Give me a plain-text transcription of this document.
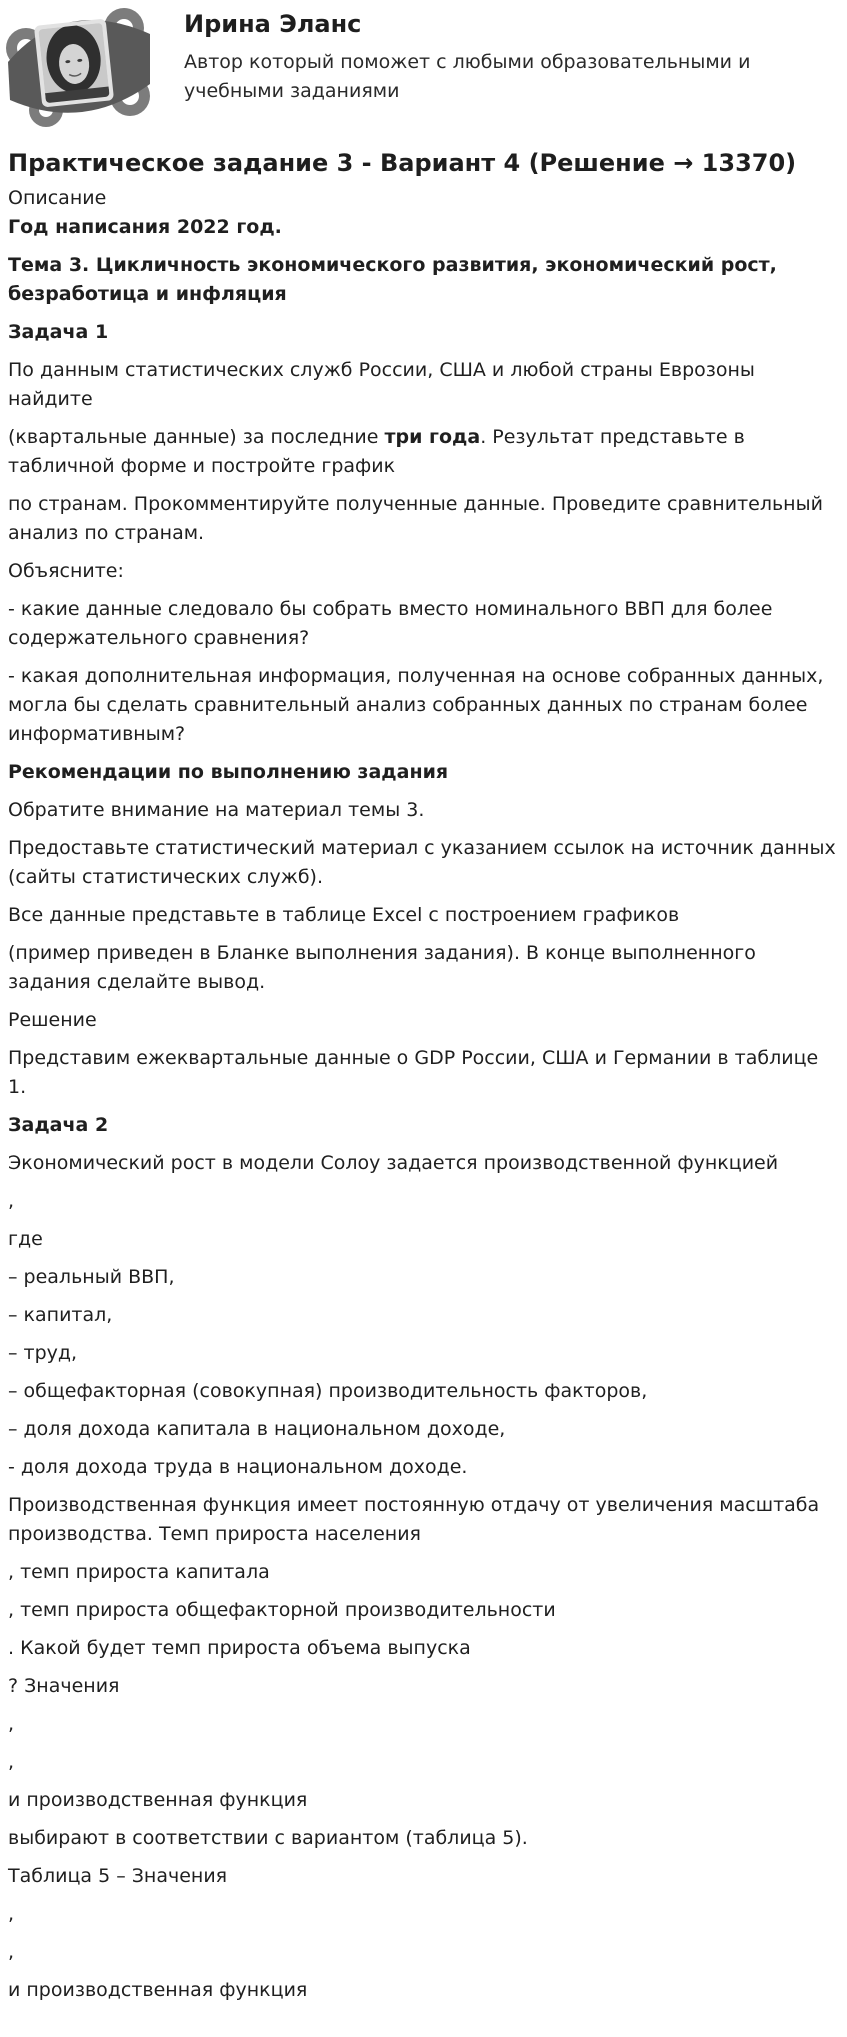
Ирина Эланс
Автор который поможет с любыми образовательными и учебными заданиями
Практическое задание 3 - Вариант 4 (Решение → 13370)

Описание

Год написания 2022 год.

Тема 3. Цикличность экономического развития, экономический рост, безработица и инфляция

Задача 1

По данным статистических служб России, США и любой страны Еврозоны найдите

(квартальные данные) за последние три года. Результат представьте в табличной форме и постройте график

по странам. Прокомментируйте полученные данные. Проведите сравнительный анализ по странам.

Объясните:

- какие данные следовало бы собрать вместо номинального ВВП для более содержательного сравнения?

- какая дополнительная информация, полученная на основе собранных данных, могла бы сделать сравнительный анализ собранных данных по странам более информативным?

Рекомендации по выполнению задания

Обратите внимание на материал темы 3.

Предоставьте статистический материал с указанием ссылок на источник данных (сайты статистических служб).

Все данные представьте в таблице Excel с построением графиков

(пример приведен в Бланке выполнения задания). В конце выполненного задания сделайте вывод.

Решение

Представим ежеквартальные данные о GDP России, США и Германии в таблице 1.

Задача 2

Экономический рост в модели Солоу задается производственной функцией

,

где

– реальный ВВП,

– капитал,

– труд,

– общефакторная (совокупная) производительность факторов,

– доля дохода капитала в национальном доходе,

- доля дохода труда в национальном доходе.

Производственная функция имеет постоянную отдачу от увеличения масштаба производства. Темп прироста населения

, темп прироста капитала

, темп прироста общефакторной производительности

. Какой будет темп прироста объема выпуска

? Значения

,

,

и производственная функция

выбирают в соответствии с вариантом (таблица 5).

Таблица 5 – Значения

,

,

и производственная функция
